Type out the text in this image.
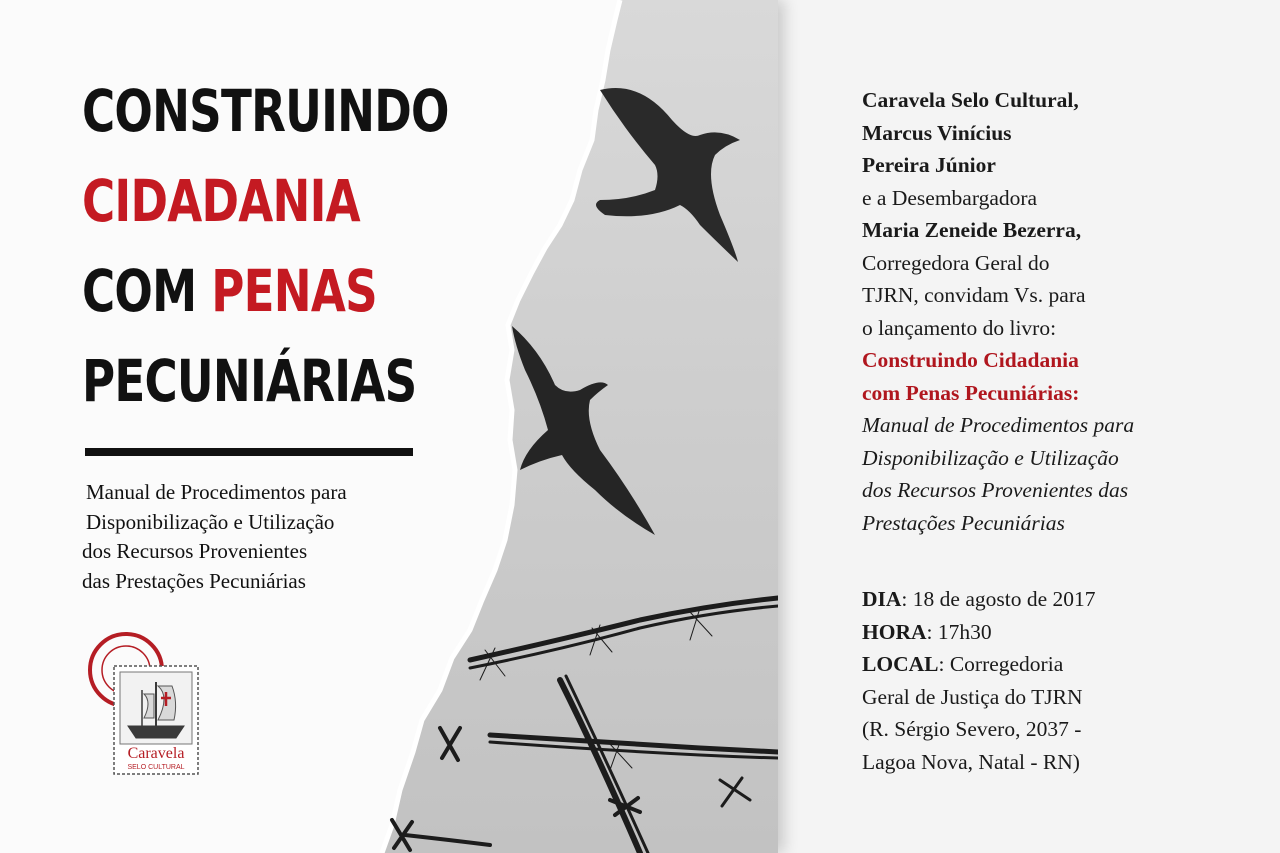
CONSTRUINDO
CIDADANIA
COM PENAS
PECUNIÁRIAS
Manual de Procedimentos para
Disponibilização e Utilização
dos Recursos Provenientes
das Prestações Pecuniárias
Caravela
SELO CULTURAL
Caravela Selo Cultural,
Marcus Vinícius
Pereira Júnior
e a Desembargadora
Maria Zeneide Bezerra,
Corregedora Geral do
TJRN, convidam Vs. para
o lançamento do livro:
Construindo Cidadania
com Penas Pecuniárias:
Manual de Procedimentos para
Disponibilização e Utilização
dos Recursos Provenientes das
Prestações Pecuniárias
DIA: 18 de agosto de 2017
HORA: 17h30
LOCAL: Corregedoria
Geral de Justiça do TJRN
(R. Sérgio Severo, 2037 -
Lagoa Nova, Natal - RN)
